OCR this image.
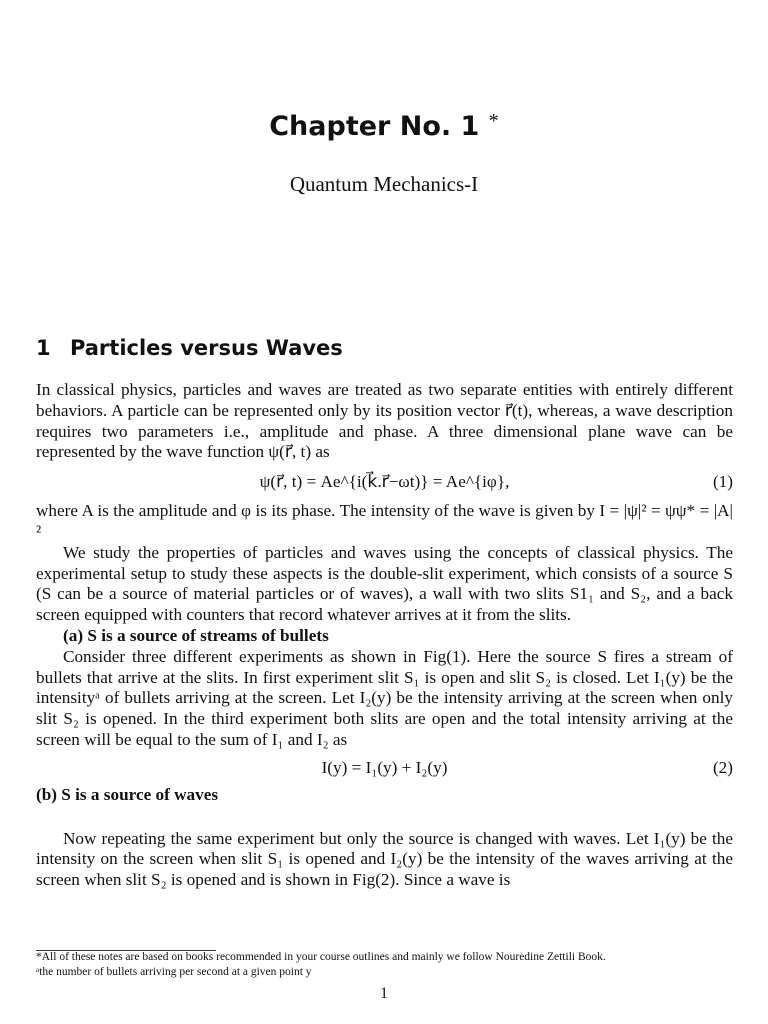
Chapter No. 1 *
Quantum Mechanics-I
1 Particles versus Waves

In classical physics, particles and waves are treated as two separate entities with entirely different behaviors. A particle can be represented only by its position vector r⃗(t), whereas, a wave description requires two parameters i.e., amplitude and phase. A three dimensional plane wave can be represented by the wave function ψ(r⃗, t) as

ψ(r⃗, t) = Ae^{i(k⃗.r⃗−ωt)} = Ae^{iφ},	(1)

where A is the amplitude and φ is its phase. The intensity of the wave is given by I = |ψ|² = ψψ* = |A|²

We study the properties of particles and waves using the concepts of classical physics. The experimental setup to study these aspects is the double-slit experiment, which consists of a source S (S can be a source of material particles or of waves), a wall with two slits S1₁ and S₂, and a back screen equipped with counters that record whatever arrives at it from the slits.

(a) S is a source of streams of bullets

Consider three different experiments as shown in Fig(1). Here the source S fires a stream of bullets that arrive at the slits. In first experiment slit S₁ is open and slit S₂ is closed. Let I₁(y) be the intensityᵃ of bullets arriving at the screen. Let I₂(y) be the intensity arriving at the screen when only slit S₂ is opened. In the third experiment both slits are open and the total intensity arriving at the screen will be equal to the sum of I₁ and I₂ as

I(y) = I₁(y) + I₂(y)	(2)

(b) S is a source of waves

Now repeating the same experiment but only the source is changed with waves. Let I₁(y) be the intensity on the screen when slit S₁ is opened and I₂(y) be the intensity of the waves arriving at the screen when slit S₂ is opened and is shown in Fig(2). Since a wave is

*All of these notes are based on books recommended in your course outlines and mainly we follow Nouredine Zettili Book.
ᵃthe number of bullets arriving per second at a given point y
1
